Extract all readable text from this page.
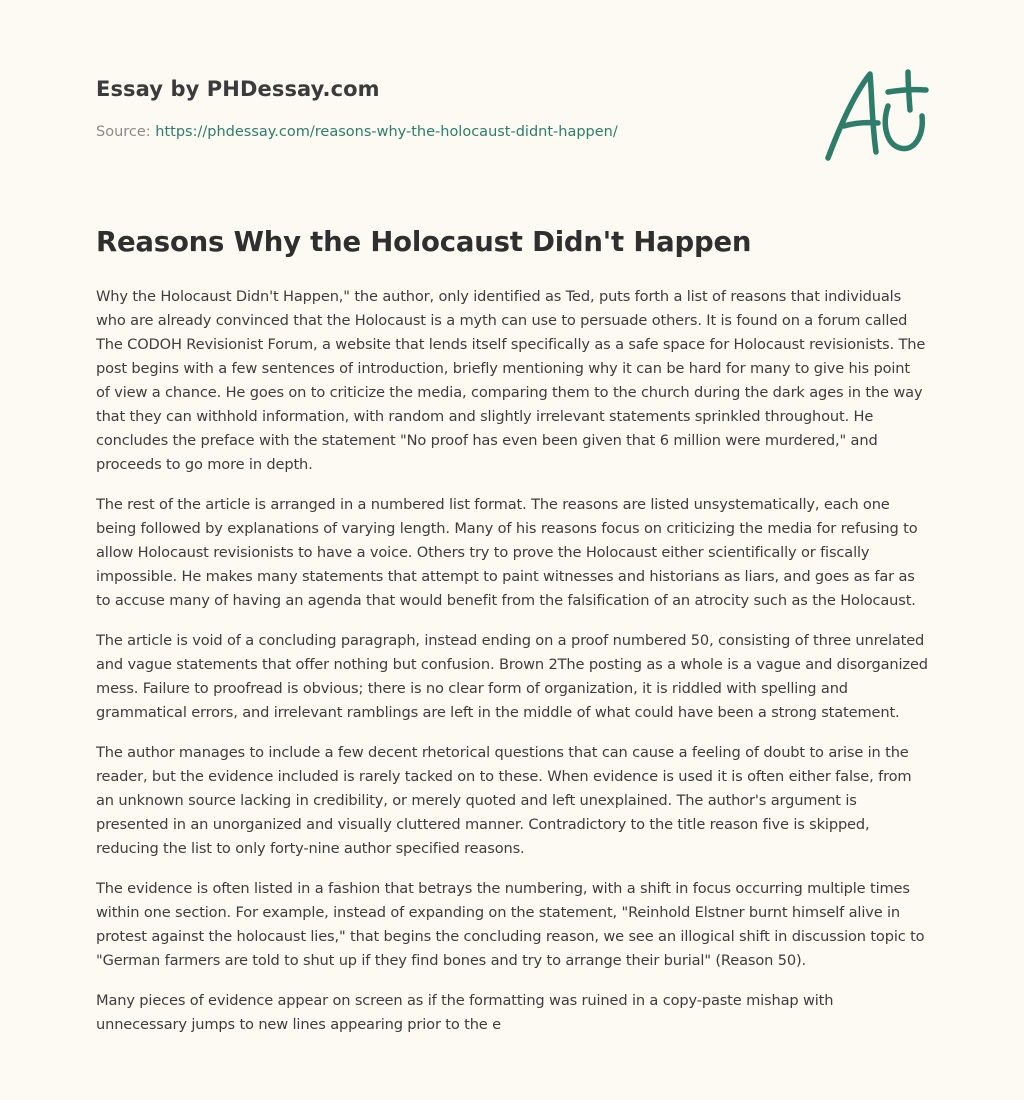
Essay by PHDessay.com
Source: https://phdessay.com/reasons-why-the-holocaust-didnt-happen/
Reasons Why the Holocaust Didn't Happen

Why the Holocaust Didn't Happen," the author, only identified as Ted, puts forth a list of reasons that individuals who are already convinced that the Holocaust is a myth can use to persuade others. It is found on a forum called The CODOH Revisionist Forum, a website that lends itself specifically as a safe space for Holocaust revisionists. The post begins with a few sentences of introduction, briefly mentioning why it can be hard for many to give his point of view a chance. He goes on to criticize the media, comparing them to the church during the dark ages in the way that they can withhold information, with random and slightly irrelevant statements sprinkled throughout. He concludes the preface with the statement "No proof has even been given that 6 million were murdered," and proceeds to go more in depth.

The rest of the article is arranged in a numbered list format. The reasons are listed unsystematically, each one being followed by explanations of varying length. Many of his reasons focus on criticizing the media for refusing to allow Holocaust revisionists to have a voice. Others try to prove the Holocaust either scientifically or fiscally impossible. He makes many statements that attempt to paint witnesses and historians as liars, and goes as far as to accuse many of having an agenda that would benefit from the falsification of an atrocity such as the Holocaust.

The article is void of a concluding paragraph, instead ending on a proof numbered 50, consisting of three unrelated and vague statements that offer nothing but confusion. Brown 2The posting as a whole is a vague and disorganized mess. Failure to proofread is obvious; there is no clear form of organization, it is riddled with spelling and grammatical errors, and irrelevant ramblings are left in the middle of what could have been a strong statement.

The author manages to include a few decent rhetorical questions that can cause a feeling of doubt to arise in the reader, but the evidence included is rarely tacked on to these. When evidence is used it is often either false, from an unknown source lacking in credibility, or merely quoted and left unexplained. The author's argument is presented in an unorganized and visually cluttered manner. Contradictory to the title reason five is skipped, reducing the list to only forty-nine author specified reasons.

The evidence is often listed in a fashion that betrays the numbering, with a shift in focus occurring multiple times within one section. For example, instead of expanding on the statement, "Reinhold Elstner burnt himself alive in protest against the holocaust lies," that begins the concluding reason, we see an illogical shift in discussion topic to "German farmers are told to shut up if they find bones and try to arrange their burial" (Reason 50).

Many pieces of evidence appear on screen as if the formatting was ruined in a copy-paste mishap with unnecessary jumps to new lines appearing prior to the e
